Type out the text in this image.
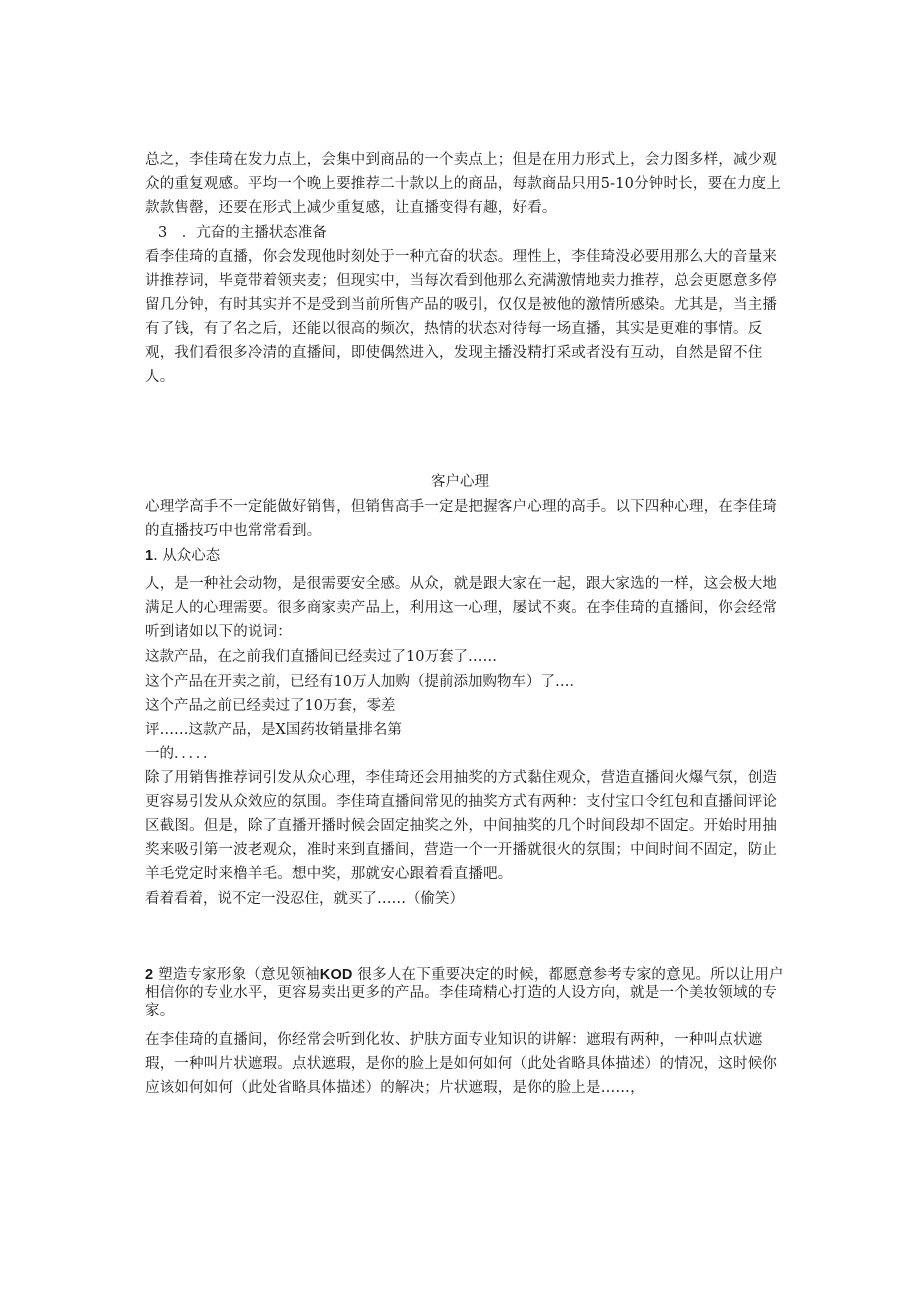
总之，李佳琦在发力点上，会集中到商品的一个卖点上；但是在用力形式上，会力图多样，减少观众的重复观感。平均一个晚上要推荐二十款以上的商品，每款商品只用5-10分钟时长，要在力度上款款售罄，还要在形式上减少重复感，让直播变得有趣，好看。

3　．亢奋的主播状态准备

看李佳琦的直播，你会发现他时刻处于一种亢奋的状态。理性上，李佳琦没必要用那么大的音量来讲推荐词，毕竟带着领夹麦；但现实中，当每次看到他那么充满激情地卖力推荐，总会更愿意多停留几分钟，有时其实并不是受到当前所售产品的吸引，仅仅是被他的激情所感染。尤其是，当主播有了钱，有了名之后，还能以很高的频次，热情的状态对待每一场直播，其实是更难的事情。反观，我们看很多冷清的直播间，即使偶然进入，发现主播没精打采或者没有互动，自然是留不住人。

客户心理

心理学高手不一定能做好销售，但销售高手一定是把握客户心理的高手。以下四种心理，在李佳琦的直播技巧中也常常看到。

1. 从众心态

人，是一种社会动物，是很需要安全感。从众，就是跟大家在一起，跟大家选的一样，这会极大地满足人的心理需要。很多商家卖产品上，利用这一心理，屡试不爽。在李佳琦的直播间，你会经常听到诸如以下的说词：

这款产品，在之前我们直播间已经卖过了10万套了……

这个产品在开卖之前，已经有10万人加购（提前添加购物车）了…．

这个产品之前已经卖过了10万套，零差

评……这款产品，是X国药妆销量排名第

一的．．．．．

除了用销售推荐词引发从众心理，李佳琦还会用抽奖的方式黏住观众，营造直播间火爆气氛，创造更容易引发从众效应的氛围。李佳琦直播间常见的抽奖方式有两种：支付宝口令红包和直播间评论区截图。但是，除了直播开播时候会固定抽奖之外，中间抽奖的几个时间段却不固定。开始时用抽奖来吸引第一波老观众，准时来到直播间，营造一个一开播就很火的氛围；中间时间不固定，防止羊毛党定时来橹羊毛。想中奖，那就安心跟着看直播吧。

看着看着，说不定一没忍住，就买了……（偷笑）

2 塑造专家形象（意见领袖KOD 很多人在下重要决定的时候，都愿意参考专家的意见。所以让用户相信你的专业水平，更容易卖出更多的产品。李佳琦精心打造的人设方向，就是一个美妆领域的专家。

在李佳琦的直播间，你经常会听到化妆、护肤方面专业知识的讲解：遮瑕有两种，一种叫点状遮瑕，一种叫片状遮瑕。点状遮瑕，是你的脸上是如何如何（此处省略具体描述）的情况，这时候你应该如何如何（此处省略具体描述）的解决；片状遮瑕，是你的脸上是……，
